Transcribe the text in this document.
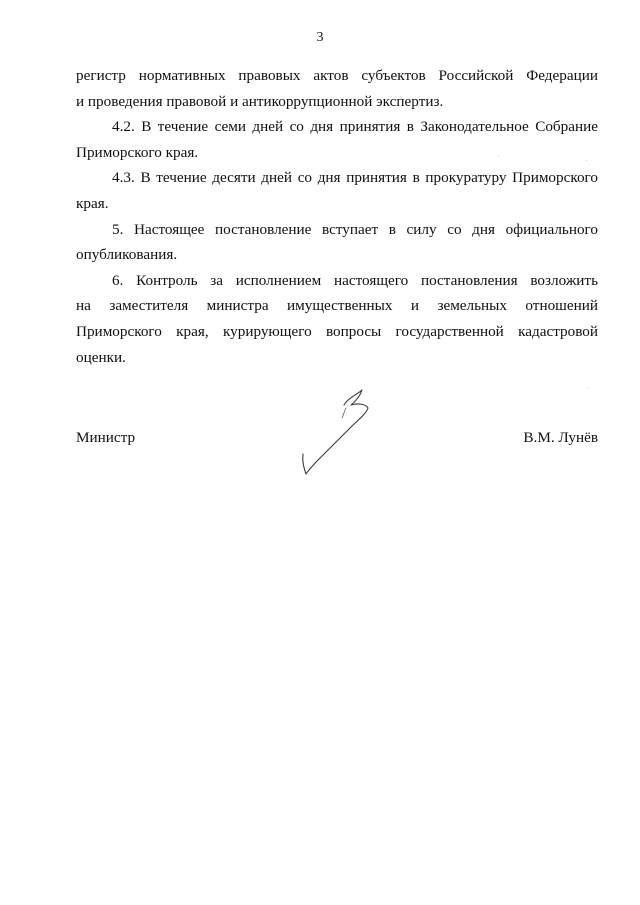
3

регистр нормативных правовых актов субъектов Российской Федерации
и проведения правовой и антикоррупционной экспертиз.

4.2. В течение семи дней со дня принятия в Законодательное Собрание
Приморского края.

4.3. В течение десяти дней со дня принятия в прокуратуру Приморского
края.

5. Настоящее постановление вступает в силу со дня официального
опубликования.

6. Контроль за исполнением настоящего постановления возложить
на заместителя министра имущественных и земельных отношений
Приморского края, курирующего вопросы государственной кадастровой
оценки.

Министр	В.М. Лунёв
